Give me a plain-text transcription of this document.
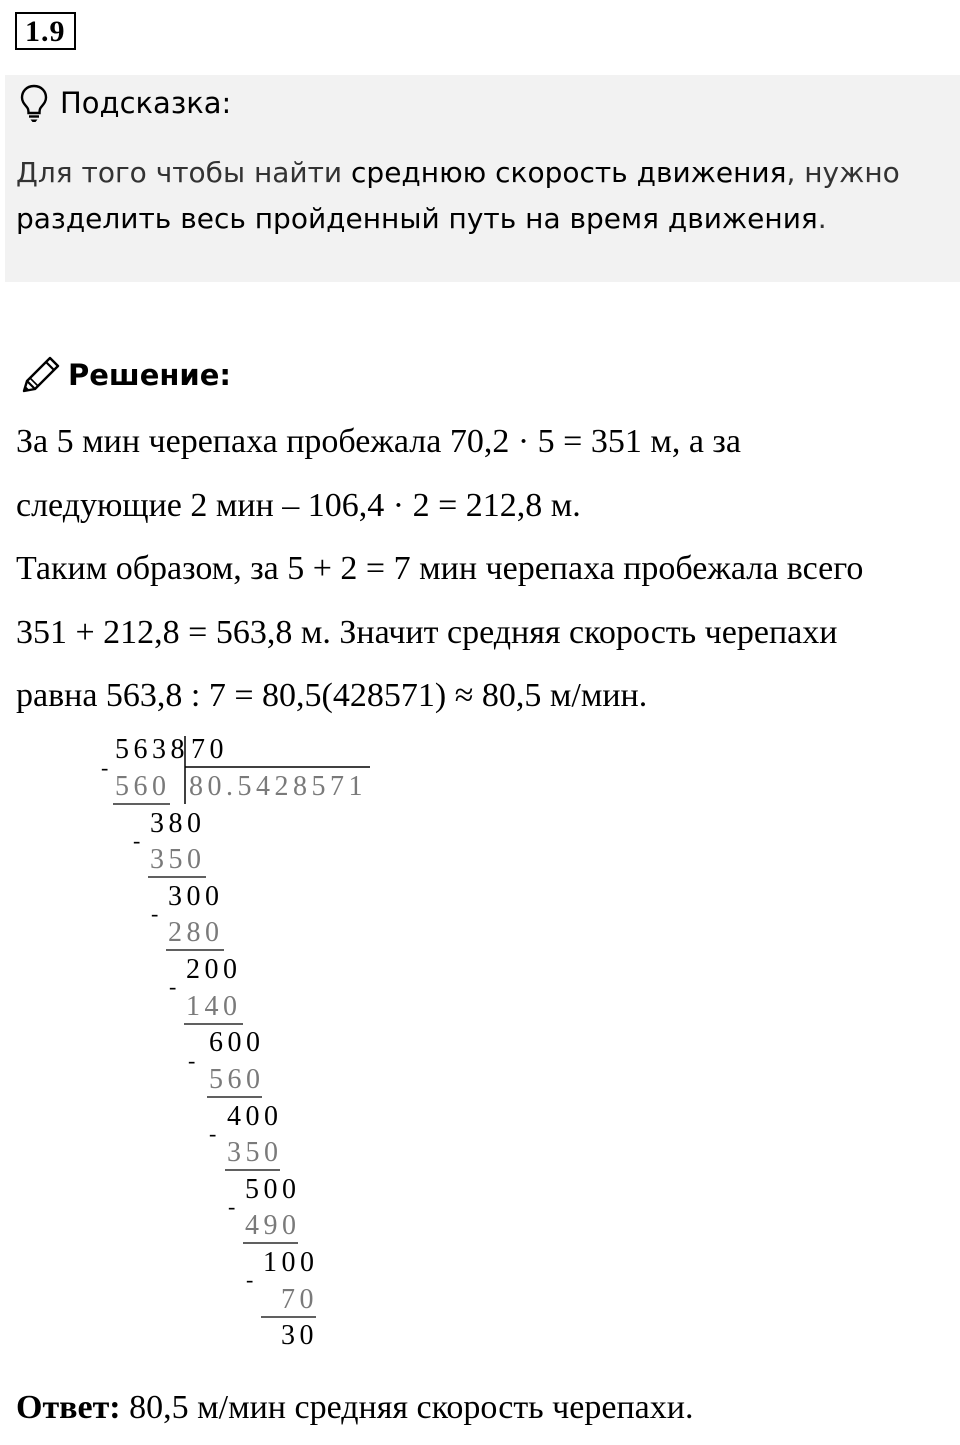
1.9
Подсказка:
Для того чтобы найти среднюю скорость движения, нужно
разделить весь пройденный путь на время движения.
Решение:

За 5 мин черепаха пробежала 70,2 · 5 = 351 м, а за

следующие 2 мин – 106,4 · 2 = 212,8 м.

Таким образом, за 5 + 2 = 7 мин черепаха пробежала всего

351 + 212,8 = 563,8 м. Значит средняя скорость черепахи

равна 563,8 : 7 = 80,5(428571) ≈ 80,5 м/мин.

5638 70
80.5428571
-
560
380
-
350
300
-
280
200
-
140
600
-
560
400
-
350
500
-
490
100
-
70
30
Ответ: 80,5 м/мин средняя скорость черепахи.
